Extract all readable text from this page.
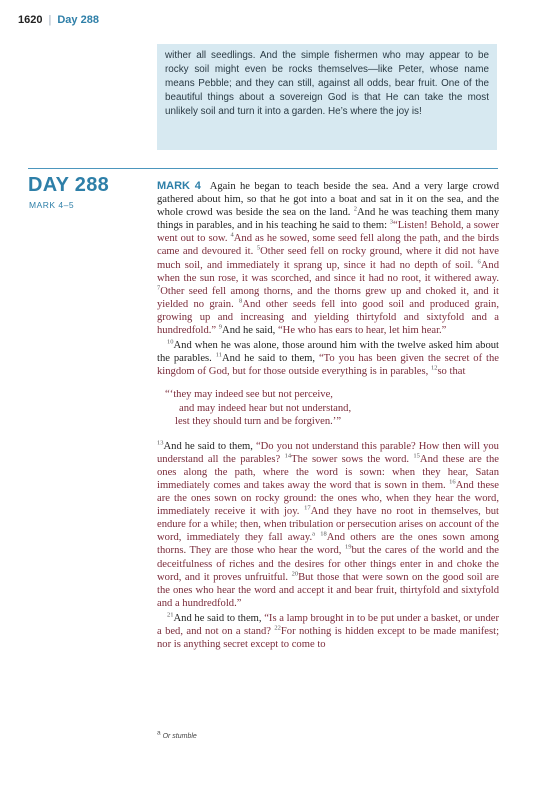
1620 | Day 288
wither all seedlings. And the simple fishermen who may appear to be rocky soil might even be rocks themselves—like Peter, whose name means Pebble; and they can still, against all odds, bear fruit. One of the beautiful things about a sovereign God is that He can take the most unlikely soil and turn it into a garden. He’s where the joy is!
DAY 288
MARK 4–5

MARK 4 Again he began to teach beside the sea. And a very large crowd gathered about him, so that he got into a boat and sat in it on the sea, and the whole crowd was beside the sea on the land. $^2$And he was teaching them many things in parables, and in his teaching he said to them: $^3$“Listen! Behold, a sower went out to sow. $^4$And as he sowed, some seed fell along the path, and the birds came and devoured it. $^5$Other seed fell on rocky ground, where it did not have much soil, and immediately it sprang up, since it had no depth of soil. $^6$And when the sun rose, it was scorched, and since it had no root, it withered away. $^7$Other seed fell among thorns, and the thorns grew up and choked it, and it yielded no grain. $^8$And other seeds fell into good soil and produced grain, growing up and increasing and yielding thirtyfold and sixtyfold and a hundredfold.” $^9$And he said, “He who has ears to hear, let him hear.”

$^{10}$And when he was alone, those around him with the twelve asked him about the parables. $^{11}$And he said to them, “To you has been given the secret of the kingdom of God, but for those outside everything is in parables, $^{12}$so that

“‘they may indeed see but not perceive,
and may indeed hear but not understand,
lest they should turn and be forgiven.’”

$^{13}$And he said to them, “Do you not understand this parable? How then will you understand all the parables? $^{14}$The sower sows the word. $^{15}$And these are the ones along the path, where the word is sown: when they hear, Satan immediately comes and takes away the word that is sown in them. $^{16}$And these are the ones sown on rocky ground: the ones who, when they hear the word, immediately receive it with joy. $^{17}$And they have no root in themselves, but endure for a while; then, when tribulation or persecution arises on account of the word, immediately they fall away.$^a$ $^{18}$And others are the ones sown among thorns. They are those who hear the word, $^{19}$but the cares of the world and the deceitfulness of riches and the desires for other things enter in and choke the word, and it proves unfruitful. $^{20}$But those that were sown on the good soil are the ones who hear the word and accept it and bear fruit, thirtyfold and sixtyfold and a hundredfold.”

$^{21}$And he said to them, “Is a lamp brought in to be put under a basket, or under a bed, and not on a stand? $^{22}$For nothing is hidden except to be made manifest; nor is anything secret except to come to

$^a$ Or stumble
